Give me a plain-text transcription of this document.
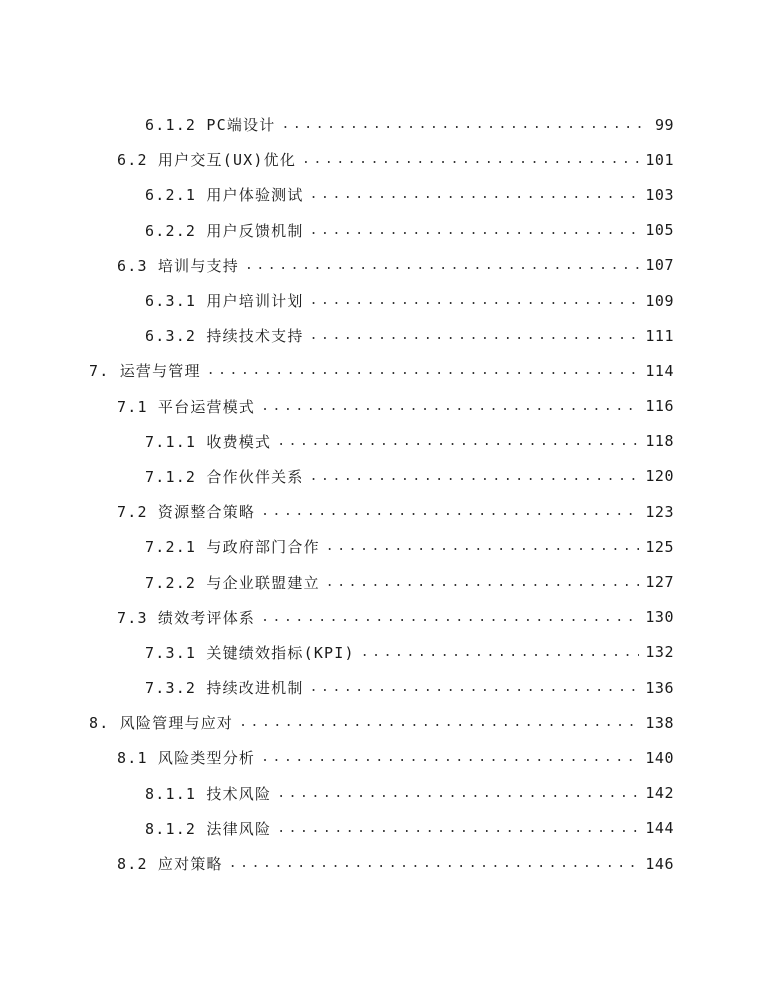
6.1.2 PC端设计 .....	99
6.2 用户交互(UX)优化 .....	101
6.2.1 用户体验测试 .....	103
6.2.2 用户反馈机制 .....	105
6.3 培训与支持 .....	107
6.3.1 用户培训计划 .....	109
6.3.2 持续技术支持 .....	111
7. 运营与管理 .....	114
7.1 平台运营模式 .....	116
7.1.1 收费模式 .....	118
7.1.2 合作伙伴关系 .....	120
7.2 资源整合策略 .....	123
7.2.1 与政府部门合作 .....	125
7.2.2 与企业联盟建立 .....	127
7.3 绩效考评体系 .....	130
7.3.1 关键绩效指标(KPI) .....	132
7.3.2 持续改进机制 .....	136
8. 风险管理与应对 .....	138
8.1 风险类型分析 .....	140
8.1.1 技术风险 .....	142
8.1.2 法律风险 .....	144
8.2 应对策略 .....	146
